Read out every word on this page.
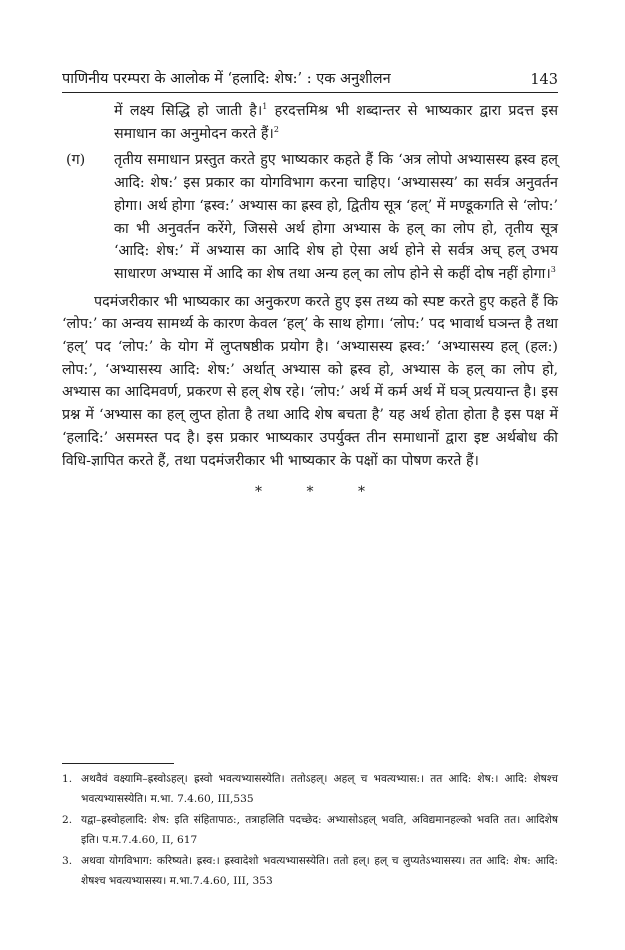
पाणिनीय परम्परा के आलोक में ‘हलादि: शेष:’ : एक अनुशीलन	143

में लक्ष्य सिद्धि हो जाती है।$^1$ हरदत्तमिश्र भी शब्दान्तर से भाष्यकार द्वारा प्रदत्त इस समाधान का अनुमोदन करते हैं।$^2$

(ग) तृतीय समाधान प्रस्तुत करते हुए भाष्यकार कहते हैं कि ‘अत्र लोपो अभ्यासस्य ह्रस्व हल् आदि: शेष:’ इस प्रकार का योगविभाग करना चाहिए। ‘अभ्यासस्य’ का सर्वत्र अनुवर्तन होगा। अर्थ होगा ‘ह्रस्व:’ अभ्यास का ह्रस्व हो, द्वितीय सूत्र ‘हल्’ में मण्डूकगति से ‘लोप:’ का भी अनुवर्तन करेंगे, जिससे अर्थ होगा अभ्यास के हल् का लोप हो, तृतीय सूत्र ‘आदि: शेष:’ में अभ्यास का आदि शेष हो ऐसा अर्थ होने से सर्वत्र अच् हल् उभय साधारण अभ्यास में आदि का शेष तथा अन्य हल् का लोप होने से कहीं दोष नहीं होगा।$^3$

पदमंजरीकार भी भाष्यकार का अनुकरण करते हुए इस तथ्य को स्पष्ट करते हुए कहते हैं कि ‘लोप:’ का अन्वय सामर्थ्य के कारण केवल ‘हल्’ के साथ होगा। ‘लोप:’ पद भावार्थ घञन्त है तथा ‘हल्’ पद ‘लोप:’ के योग में लुप्तषष्ठीक प्रयोग है। ‘अभ्यासस्य ह्रस्व:’ ‘अभ्यासस्य हल् (हल:) लोप:’, ‘अभ्यासस्य आदि: शेष:’ अर्थात् अभ्यास को ह्रस्व हो, अभ्यास के हल् का लोप हो, अभ्यास का आदिमवर्ण, प्रकरण से हल् शेष रहे। ‘लोप:’ अर्थ में कर्म अर्थ में घञ् प्रत्ययान्त है। इस प्रश्न में ‘अभ्यास का हल् लुप्त होता है तथा आदि शेष बचता है’ यह अर्थ होता होता है इस पक्ष में ‘हलादि:’ असमस्त पद है। इस प्रकार भाष्यकार उपर्युक्त तीन समाधानों द्वारा इष्ट अर्थबोध की विधि-ज्ञापित करते हैं, तथा पदमंजरीकार भी भाष्यकार के पक्षों का पोषण करते हैं।

* * *
1. अथवैवं वक्ष्यामि–ह्रस्वोऽहल्। ह्रस्वो भवत्यभ्यासस्येति। ततोऽहल्। अहल् च भवत्यभ्यास:। तत आदि: शेष:। आदि: शेषश्च भवत्यभ्यासस्येति। म.भा. 7.4.60, III,535
2. यद्वा–ह्रस्वोहलादि: शेष: इति संहितापाठ:, तत्राहलिति पदच्छेद: अभ्यासोऽहल् भवति, अविद्यमानहल्को भवति तत। आदिशेष इति। प.म.7.4.60, II, 617
3. अथवा योगविभाग: करिष्यते। ह्रस्व:। ह्रस्वादेशो भवत्यभ्यासस्येति। ततो हल्। हल् च लुप्यतेऽभ्यासस्य। तत आदि: शेष: आदि: शेषश्च भवत्यभ्यासस्य। म.भा.7.4.60, III, 353
